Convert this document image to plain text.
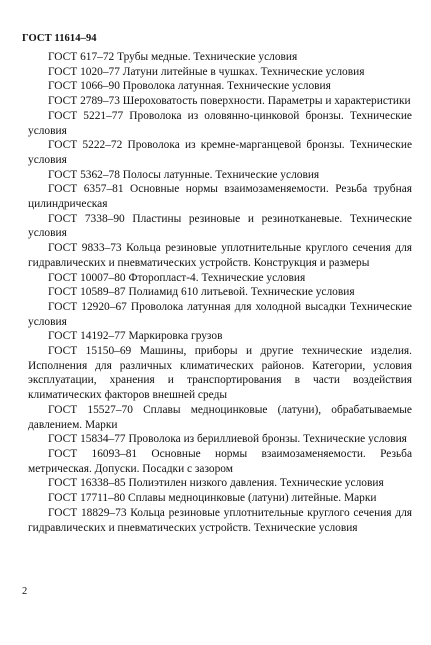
ГОСТ 11614–94

ГОСТ 617–72 Трубы медные. Технические условия

ГОСТ 1020–77 Латуни литейные в чушках. Технические условия

ГОСТ 1066–90 Проволока латунная. Технические условия

ГОСТ 2789–73 Шероховатость поверхности. Параметры и характеристики

ГОСТ 5221–77 Проволока из оловянно-цинковой бронзы. Технические условия

ГОСТ 5222–72 Проволока из кремне-марганцевой бронзы. Технические условия

ГОСТ 5362–78 Полосы латунные. Технические условия

ГОСТ 6357–81 Основные нормы взаимозаменяемости. Резьба трубная цилиндрическая

ГОСТ 7338–90 Пластины резиновые и резинотканевые. Технические условия

ГОСТ 9833–73 Кольца резиновые уплотнительные круглого сечения для гидравлических и пневматических устройств. Конструкция и размеры

ГОСТ 10007–80 Фторопласт-4. Технические условия

ГОСТ 10589–87 Полиамид 610 литьевой. Технические условия

ГОСТ 12920–67 Проволока латунная для холодной высадки Технические условия

ГОСТ 14192–77 Маркировка грузов

ГОСТ 15150–69 Машины, приборы и другие технические изделия. Исполнения для различных климатических районов. Категории, условия эксплуатации, хранения и транспортирования в части воздействия климатических факторов внешней среды

ГОСТ 15527–70 Сплавы медноцинковые (латуни), обрабатываемые давлением. Марки

ГОСТ 15834–77 Проволока из бериллиевой бронзы. Технические условия

ГОСТ 16093–81 Основные нормы взаимозаменяемости. Резьба метрическая. Допуски. Посадки с зазором

ГОСТ 16338–85 Полиэтилен низкого давления. Технические условия

ГОСТ 17711–80 Сплавы медноцинковые (латуни) литейные. Марки

ГОСТ 18829–73 Кольца резиновые уплотнительные круглого сечения для гидравлических и пневматических устройств. Технические условия

2
